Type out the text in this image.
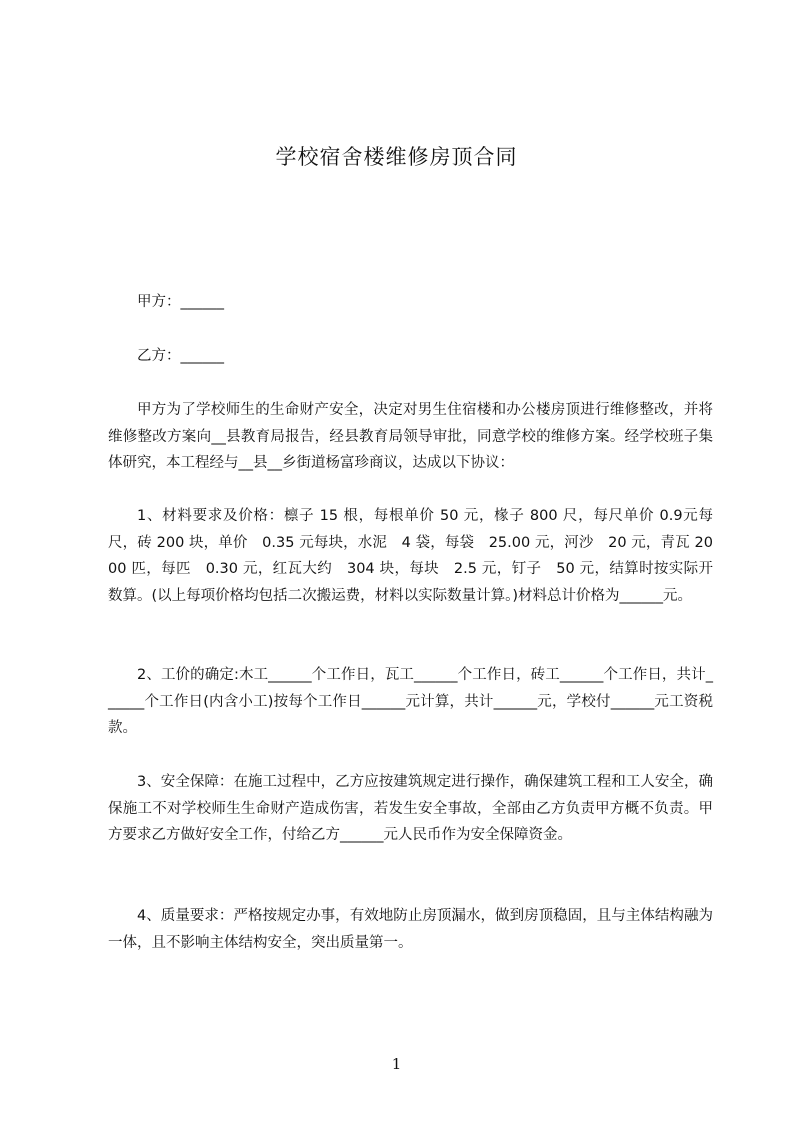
学校宿舍楼维修房顶合同
甲方：______
乙方：______

甲方为了学校师生的生命财产安全，决定对男生住宿楼和办公楼房顶进行维修整改，并将维修整改方案向__县教育局报告，经县教育局领导审批，同意学校的维修方案。经学校班子集体研究，本工程经与__县__乡街道杨富珍商议，达成以下协议：

1、材料要求及价格：檩子 15 根，每根单价 50 元，椽子 800 尺，每尺单价 0.9元每尺，砖 200 块，单价　0.35 元每块，水泥　4 袋，每袋　25.00 元，河沙　20 元，青瓦 2000 匹，每匹　0.30 元，红瓦大约　304 块，每块　2.5 元，钉子　50 元，结算时按实际开数算。(以上每项价格均包括二次搬运费，材料以实际数量计算。)材料总计价格为______元。

2、工价的确定:木工______个工作日，瓦工______个工作日，砖工______个工作日，共计______个工作日(内含小工)按每个工作日______元计算，共计______元，学校付______元工资税款。

3、安全保障：在施工过程中，乙方应按建筑规定进行操作，确保建筑工程和工人安全，确保施工不对学校师生生命财产造成伤害，若发生安全事故，全部由乙方负责甲方概不负责。甲方要求乙方做好安全工作，付给乙方______元人民币作为安全保障资金。

4、质量要求：严格按规定办事，有效地防止房顶漏水，做到房顶稳固，且与主体结构融为一体，且不影响主体结构安全，突出质量第一。

1
